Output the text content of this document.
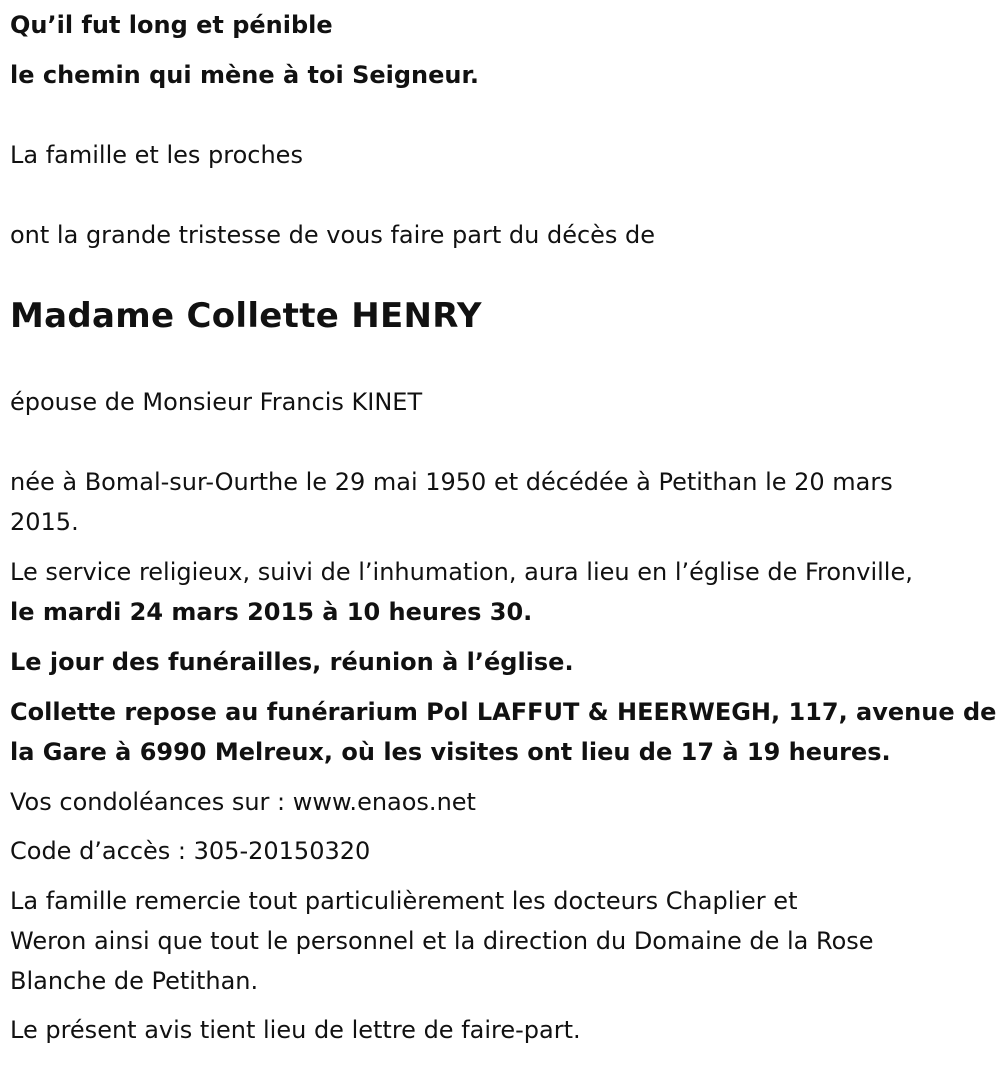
Qu’il fut long et pénible
le chemin qui mène à toi Seigneur.
La famille et les proches
ont la grande tristesse de vous faire part du décès de
Madame Collette HENRY
épouse de Monsieur Francis KINET
née à Bomal-sur-Ourthe le 29 mai 1950 et décédée à Petithan le 20 mars
2015.
Le service religieux, suivi de l’inhumation, aura lieu en l’église de Fronville,
le mardi 24 mars 2015 à 10 heures 30.
Le jour des funérailles, réunion à l’église.
Collette repose au funérarium Pol LAFFUT & HEERWEGH, 117, avenue de
la Gare à 6990 Melreux, où les visites ont lieu de 17 à 19 heures.
Vos condoléances sur : www.enaos.net
Code d’accès : 305-20150320
La famille remercie tout particulièrement les docteurs Chaplier et
Weron ainsi que tout le personnel et la direction du Domaine de la Rose
Blanche de Petithan.
Le présent avis tient lieu de lettre de faire-part.
